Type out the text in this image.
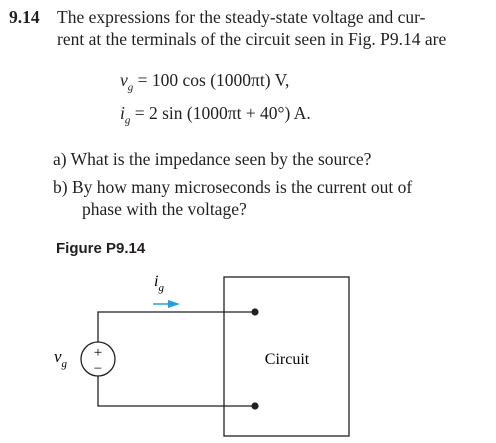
9.14 The expressions for the steady-state voltage and cur-
rent at the terminals of the circuit seen in Fig. P9.14 are
$v_g = 100$ cos (1000πt) V,
$i_g = 2$ sin (1000πt + 40°) A.
a) What is the impedance seen by the source?
b) By how many microseconds is the current out of
phase with the voltage?
Figure P9.14
+
−
$v_g$
$i_g$
Circuit
